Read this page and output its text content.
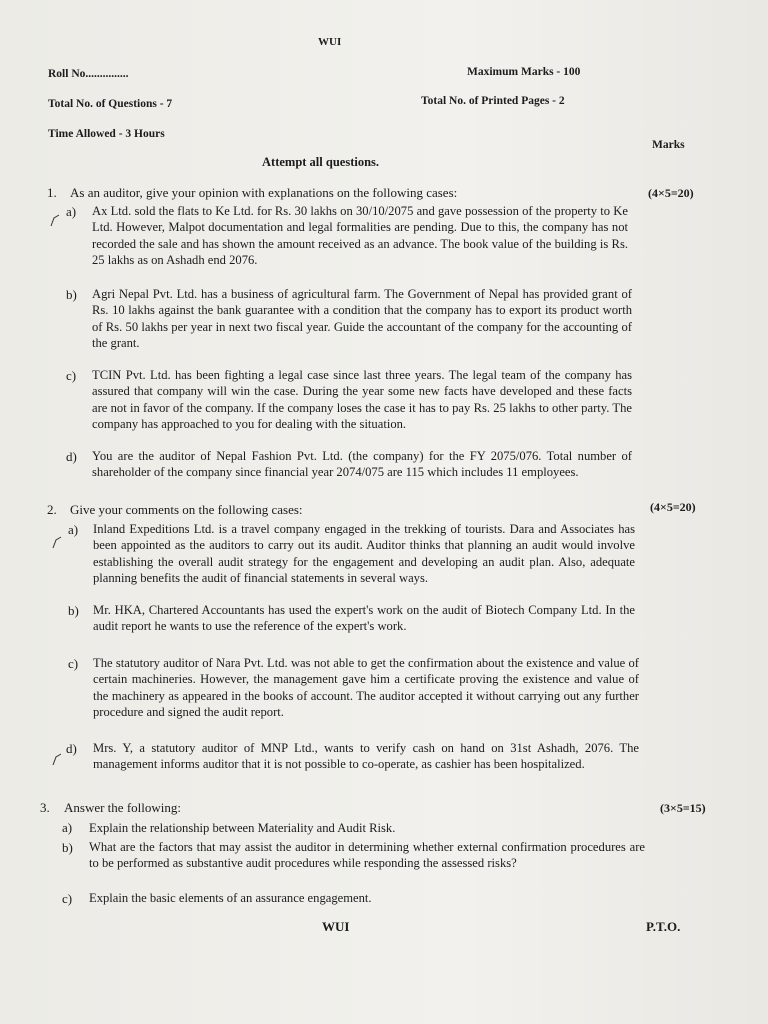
WUI
Roll No...............	Maximum Marks - 100
Total No. of Questions - 7	Total No. of Printed Pages - 2
Time Allowed - 3 Hours
Marks
Attempt all questions.
1. As an auditor, give your opinion with explanations on the following cases:	(4×5=20)
a) Ax Ltd. sold the flats to Ke Ltd. for Rs. 30 lakhs on 30/10/2075 and gave possession of the property to Ke Ltd. However, Malpot documentation and legal formalities are pending. Due to this, the company has not recorded the sale and has shown the amount received as an advance. The book value of the building is Rs. 25 lakhs as on Ashadh end 2076.
b) Agri Nepal Pvt. Ltd. has a business of agricultural farm. The Government of Nepal has provided grant of Rs. 10 lakhs against the bank guarantee with a condition that the company has to export its product worth of Rs. 50 lakhs per year in next two fiscal year. Guide the accountant of the company for the accounting of the grant.
c) TCIN Pvt. Ltd. has been fighting a legal case since last three years. The legal team of the company has assured that company will win the case. During the year some new facts have developed and these facts are not in favor of the company. If the company loses the case it has to pay Rs. 25 lakhs to other party. The company has approached to you for dealing with the situation.
d) You are the auditor of Nepal Fashion Pvt. Ltd. (the company) for the FY 2075/076. Total number of shareholder of the company since financial year 2074/075 are 115 which includes 11 employees.
2. Give your comments on the following cases:	(4×5=20)
a) Inland Expeditions Ltd. is a travel company engaged in the trekking of tourists. Dara and Associates has been appointed as the auditors to carry out its audit. Auditor thinks that planning an audit would involve establishing the overall audit strategy for the engagement and developing an audit plan. Also, adequate planning benefits the audit of financial statements in several ways.
b) Mr. HKA, Chartered Accountants has used the expert's work on the audit of Biotech Company Ltd. In the audit report he wants to use the reference of the expert's work.
c) The statutory auditor of Nara Pvt. Ltd. was not able to get the confirmation about the existence and value of certain machineries. However, the management gave him a certificate proving the existence and value of the machinery as appeared in the books of account. The auditor accepted it without carrying out any further procedure and signed the audit report.
d) Mrs. Y, a statutory auditor of MNP Ltd., wants to verify cash on hand on 31st Ashadh, 2076. The management informs auditor that it is not possible to co-operate, as cashier has been hospitalized.
3. Answer the following:	(3×5=15)
a) Explain the relationship between Materiality and Audit Risk.
b) What are the factors that may assist the auditor in determining whether external confirmation procedures are to be performed as substantive audit procedures while responding the assessed risks?
c) Explain the basic elements of an assurance engagement.
WUI	P.T.O.
